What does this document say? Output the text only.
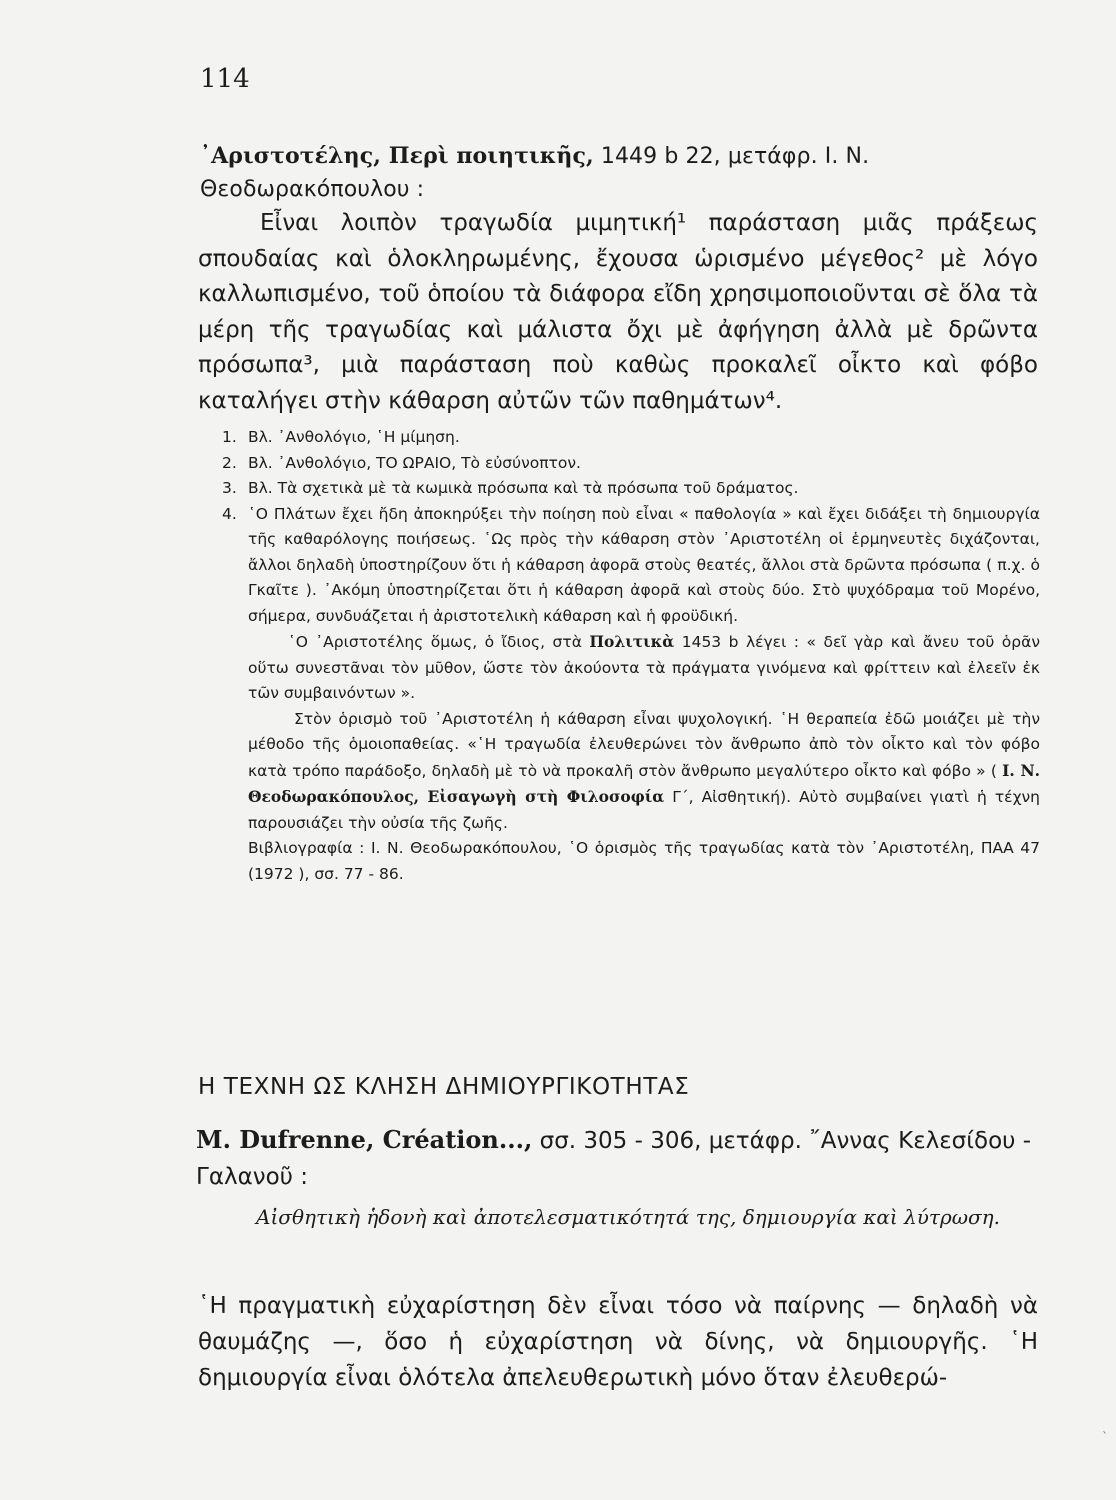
114
᾿Αριστοτέλης, Περὶ ποιητικῆς, 1449 b 22, μετάφρ. Ι. Ν. Θεοδωρακόπουλου :
Εἶναι λοιπὸν τραγωδία μιμητική¹ παράσταση μιᾶς πράξεως σπουδαίας καὶ ὁλοκληρωμένης, ἔχουσα ὡρισμένο μέγεθος² μὲ λόγο καλλωπισμένο, τοῦ ὁποίου τὰ διάφορα εἴδη χρησιμοποιοῦνται σὲ ὅλα τὰ μέρη τῆς τραγωδίας καὶ μάλιστα ὄχι μὲ ἀφήγηση ἀλλὰ μὲ δρῶντα πρόσωπα³, μιὰ παράσταση ποὺ καθὼς προκαλεῖ οἶκτο καὶ φόβο καταλήγει στὴν κάθαρση αὐτῶν τῶν παθημάτων⁴.
1. Βλ. ᾿Ανθολόγιο, ῾Η μίμηση.
2. Βλ. ᾿Ανθολόγιο, ΤΟ ΩΡΑΙΟ, Τὸ εὐσύνοπτον.
3. Βλ. Τὰ σχετικὰ μὲ τὰ κωμικὰ πρόσωπα καὶ τὰ πρόσωπα τοῦ δράματος.
4. ῾Ο Πλάτων ἔχει ἤδη ἀποκηρύξει τὴν ποίηση ποὺ εἶναι « παθολογία » καὶ ἔχει διδάξει τὴ δημιουργία τῆς καθαρόλογης ποιήσεως. ῾Ως πρὸς τὴν κάθαρση στὸν ᾿Αριστοτέλη οἱ ἑρμηνευτὲς διχάζονται, ἄλλοι δηλαδὴ ὑποστηρίζουν ὅτι ἡ κάθαρση ἀφορᾶ στοὺς θεατές, ἄλλοι στὰ δρῶντα πρόσωπα ( π.χ. ὁ Γκαῖτε ). ᾿Ακόμη ὑποστηρίζεται ὅτι ἡ κάθαρση ἀφορᾶ καὶ στοὺς δύο. Στὸ ψυχόδραμα τοῦ Μορένο, σήμερα, συνδυάζεται ἡ ἀριστοτελικὴ κάθαρση καὶ ἡ φροϋδική.

῾Ο ᾿Αριστοτέλης ὅμως, ὁ ἴδιος, στὰ Πολιτικὰ 1453 b λέγει : « δεῖ γὰρ καὶ ἄνευ τοῦ ὁρᾶν οὕτω συνεστᾶναι τὸν μῦθον, ὥστε τὸν ἀκούοντα τὰ πράγματα γινόμενα καὶ φρίττειν καὶ ἐλεεῖν ἐκ τῶν συμβαινόντων ».

Στὸν ὁρισμὸ τοῦ ᾿Αριστοτέλη ἡ κάθαρση εἶναι ψυχολογική. ῾Η θεραπεία ἐδῶ μοιάζει μὲ τὴν μέθοδο τῆς ὁμοιοπαθείας. «῾Η τραγωδία ἐλευθερώνει τὸν ἄνθρωπο ἀπὸ τὸν οἶκτο καὶ τὸν φόβο κατὰ τρόπο παράδοξο, δηλαδὴ μὲ τὸ νὰ προκαλῆ στὸν ἄνθρωπο μεγαλύτερο οἶκτο καὶ φόβο » ( Ι. Ν. Θεοδωρακόπουλος, Εἰσαγωγὴ στὴ Φιλοσοφία Γ΄, Αἰσθητική). Αὐτὸ συμβαίνει γιατὶ ἡ τέχνη παρουσιάζει τὴν οὐσία τῆς ζωῆς.

Βιβλιογραφία : Ι. Ν. Θεοδωρακόπουλου, ῾Ο ὁρισμὸς τῆς τραγωδίας κατὰ τὸν ᾿Αριστοτέλη, ΠΑΑ 47 (1972 ), σσ. 77 - 86.

Η ΤΕΧΝΗ ΩΣ ΚΛΗΣΗ ΔΗΜΙΟΥΡΓΙΚΟΤΗΤΑΣ
M. Dufrenne, Création..., σσ. 305 - 306, μετάφρ. ῎Αννας Κελεσίδου - Γαλανοῦ :
Αἰσθητικὴ ἡδονὴ καὶ ἀποτελεσματικότητά της, δημιουργία καὶ λύτρωση.
῾Η πραγματικὴ εὐχαρίστηση δὲν εἶναι τόσο νὰ παίρνης — δηλαδὴ νὰ θαυμάζης —, ὅσο ἡ εὐχαρίστηση νὰ δίνης, νὰ δημιουργῆς. ῾Η δημιουργία εἶναι ὁλότελα ἀπελευθερωτικὴ μόνο ὅταν ἐλευθερώ-
`
